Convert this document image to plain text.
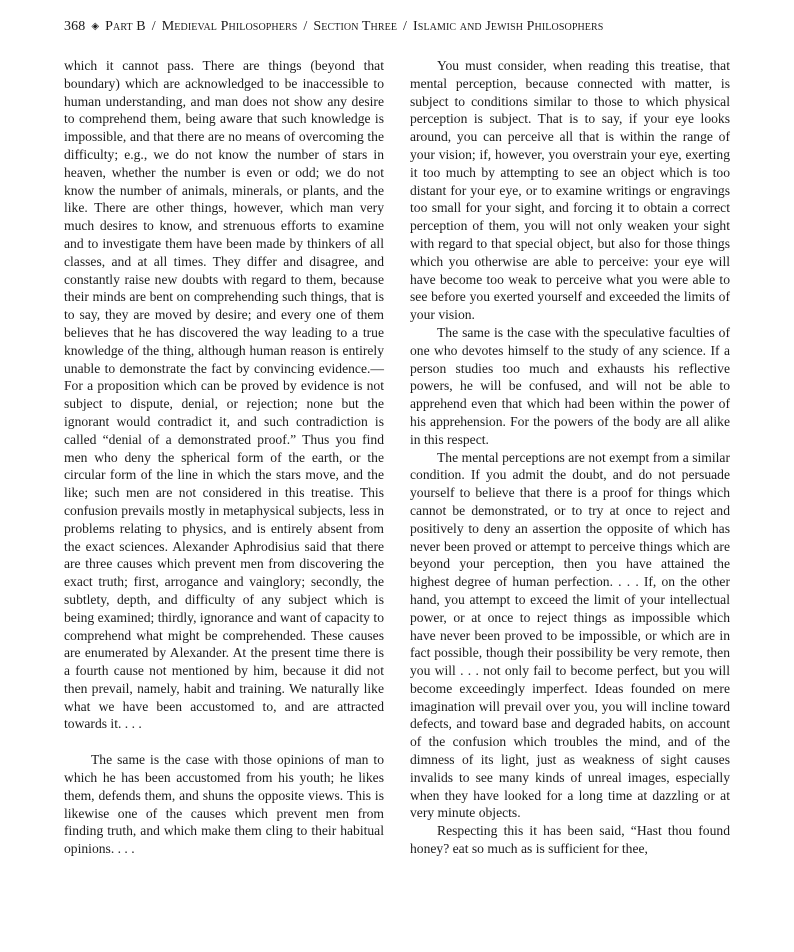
368 ◈ Part B / Medieval Philosophers / Section Three / Islamic and Jewish Philosophers

which it cannot pass. There are things (beyond that boundary) which are acknowledged to be inaccessible to human understanding, and man does not show any desire to comprehend them, being aware that such knowledge is impossible, and that there are no means of overcoming the difficulty; e.g., we do not know the number of stars in heaven, whether the number is even or odd; we do not know the number of animals, minerals, or plants, and the like. There are other things, however, which man very much desires to know, and strenuous efforts to examine and to investigate them have been made by thinkers of all classes, and at all times. They differ and disagree, and constantly raise new doubts with regard to them, because their minds are bent on comprehending such things, that is to say, they are moved by desire; and every one of them believes that he has discovered the way leading to a true knowledge of the thing, although human reason is entirely unable to demonstrate the fact by convincing evidence.—For a proposition which can be proved by evidence is not subject to dispute, denial, or rejection; none but the ignorant would contradict it, and such contradiction is called “denial of a demonstrated proof.” Thus you find men who deny the spherical form of the earth, or the circular form of the line in which the stars move, and the like; such men are not considered in this treatise. This confusion prevails mostly in metaphysical subjects, less in problems relating to physics, and is entirely absent from the exact sciences. Alexander Aphrodisius said that there are three causes which prevent men from discovering the exact truth; first, arrogance and vainglory; secondly, the subtlety, depth, and difficulty of any subject which is being examined; thirdly, ignorance and want of capacity to comprehend what might be comprehended. These causes are enumerated by Alexander. At the present time there is a fourth cause not mentioned by him, because it did not then prevail, namely, habit and training. We naturally like what we have been accustomed to, and are attracted towards it. . . .

The same is the case with those opinions of man to which he has been accustomed from his youth; he likes them, defends them, and shuns the opposite views. This is likewise one of the causes which prevent men from finding truth, and which make them cling to their habitual opinions. . . .

You must consider, when reading this treatise, that mental perception, because connected with matter, is subject to conditions similar to those to which physical perception is subject. That is to say, if your eye looks around, you can perceive all that is within the range of your vision; if, however, you overstrain your eye, exerting it too much by attempting to see an object which is too distant for your eye, or to examine writings or engravings too small for your sight, and forcing it to obtain a correct perception of them, you will not only weaken your sight with regard to that special object, but also for those things which you otherwise are able to perceive: your eye will have become too weak to perceive what you were able to see before you exerted yourself and exceeded the limits of your vision.

The same is the case with the speculative faculties of one who devotes himself to the study of any science. If a person studies too much and exhausts his reflective powers, he will be confused, and will not be able to apprehend even that which had been within the power of his apprehension. For the powers of the body are all alike in this respect.

The mental perceptions are not exempt from a similar condition. If you admit the doubt, and do not persuade yourself to believe that there is a proof for things which cannot be demonstrated, or to try at once to reject and positively to deny an assertion the opposite of which has never been proved or attempt to perceive things which are beyond your perception, then you have attained the highest degree of human perfection. . . . If, on the other hand, you attempt to exceed the limit of your intellectual power, or at once to reject things as impossible which have never been proved to be impossible, or which are in fact possible, though their possibility be very remote, then you will . . . not only fail to become perfect, but you will become exceedingly imperfect. Ideas founded on mere imagination will prevail over you, you will incline toward defects, and toward base and degraded habits, on account of the confusion which troubles the mind, and of the dimness of its light, just as weakness of sight causes invalids to see many kinds of unreal images, especially when they have looked for a long time at dazzling or at very minute objects.

Respecting this it has been said, “Hast thou found honey? eat so much as is sufficient for thee,
